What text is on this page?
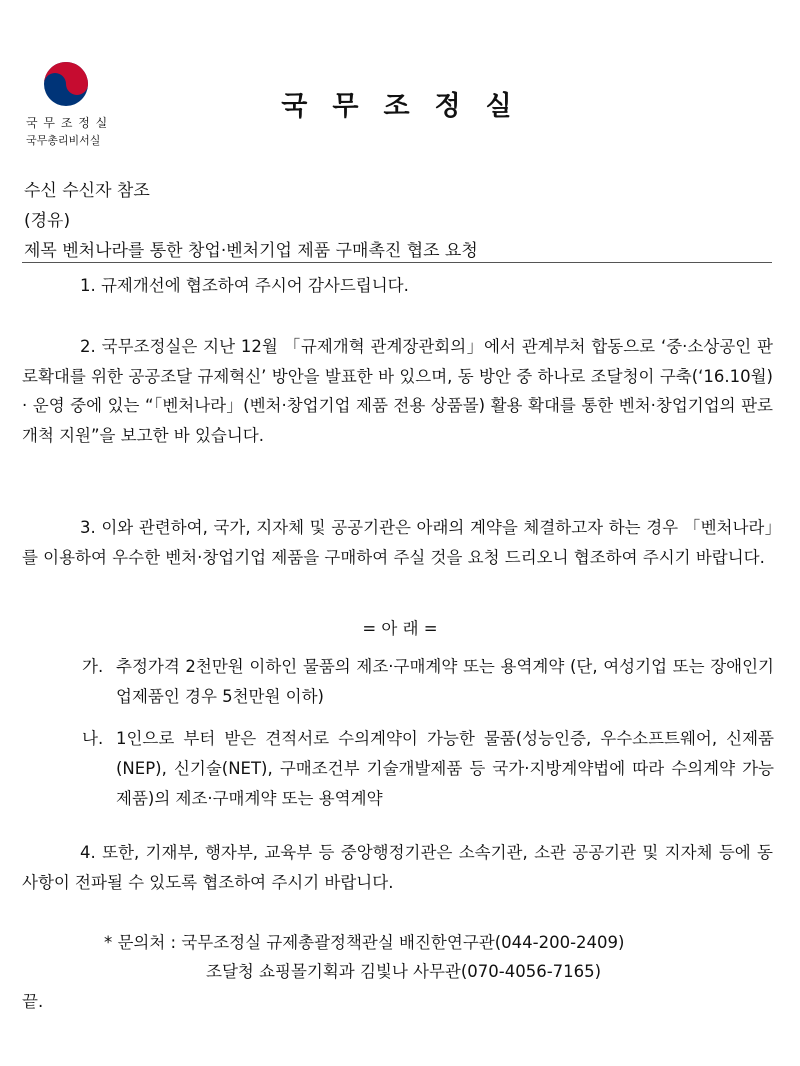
국 무 조 정 실
국무총리비서실
국무조정실
수신 수신자 참조
(경유)
제목 벤처나라를 통한 창업·벤처기업 제품 구매촉진 협조 요청
1. 규제개선에 협조하여 주시어 감사드립니다.
2. 국무조정실은 지난 12월 「규제개혁 관계장관회의」에서 관계부처 합동으로 ‘중·소상공인 판로확대를 위한 공공조달 규제혁신’ 방안을 발표한 바 있으며, 동 방안 중 하나로 조달청이 구축(‘16.10월) · 운영 중에 있는 “「벤처나라」(벤처·창업기업 제품 전용 상품몰) 활용 확대를 통한 벤처·창업기업의 판로개척 지원”을 보고한 바 있습니다.
3. 이와 관련하여, 국가, 지자체 및 공공기관은 아래의 계약을 체결하고자 하는 경우 「벤처나라」를 이용하여 우수한 벤처·창업기업 제품을 구매하여 주실 것을 요청 드리오니 협조하여 주시기 바랍니다.
= 아 래 =
가. 추정가격 2천만원 이하인 물품의 제조·구매계약 또는 용역계약 (단, 여성기업 또는 장애인기업제품인 경우 5천만원 이하)
나. 1인으로 부터 받은 견적서로 수의계약이 가능한 물품(성능인증, 우수소프트웨어, 신제품(NEP), 신기술(NET), 구매조건부 기술개발제품 등 국가·지방계약법에 따라 수의계약 가능 제품)의 제조·구매계약 또는 용역계약
4. 또한, 기재부, 행자부, 교육부 등 중앙행정기관은 소속기관, 소관 공공기관 및 지자체 등에 동 사항이 전파될 수 있도록 협조하여 주시기 바랍니다.
* 문의처 : 국무조정실 규제총괄정책관실 배진한연구관(044-200-2409)
조달청 쇼핑몰기획과 김빛나 사무관(070-4056-7165)
끝.
